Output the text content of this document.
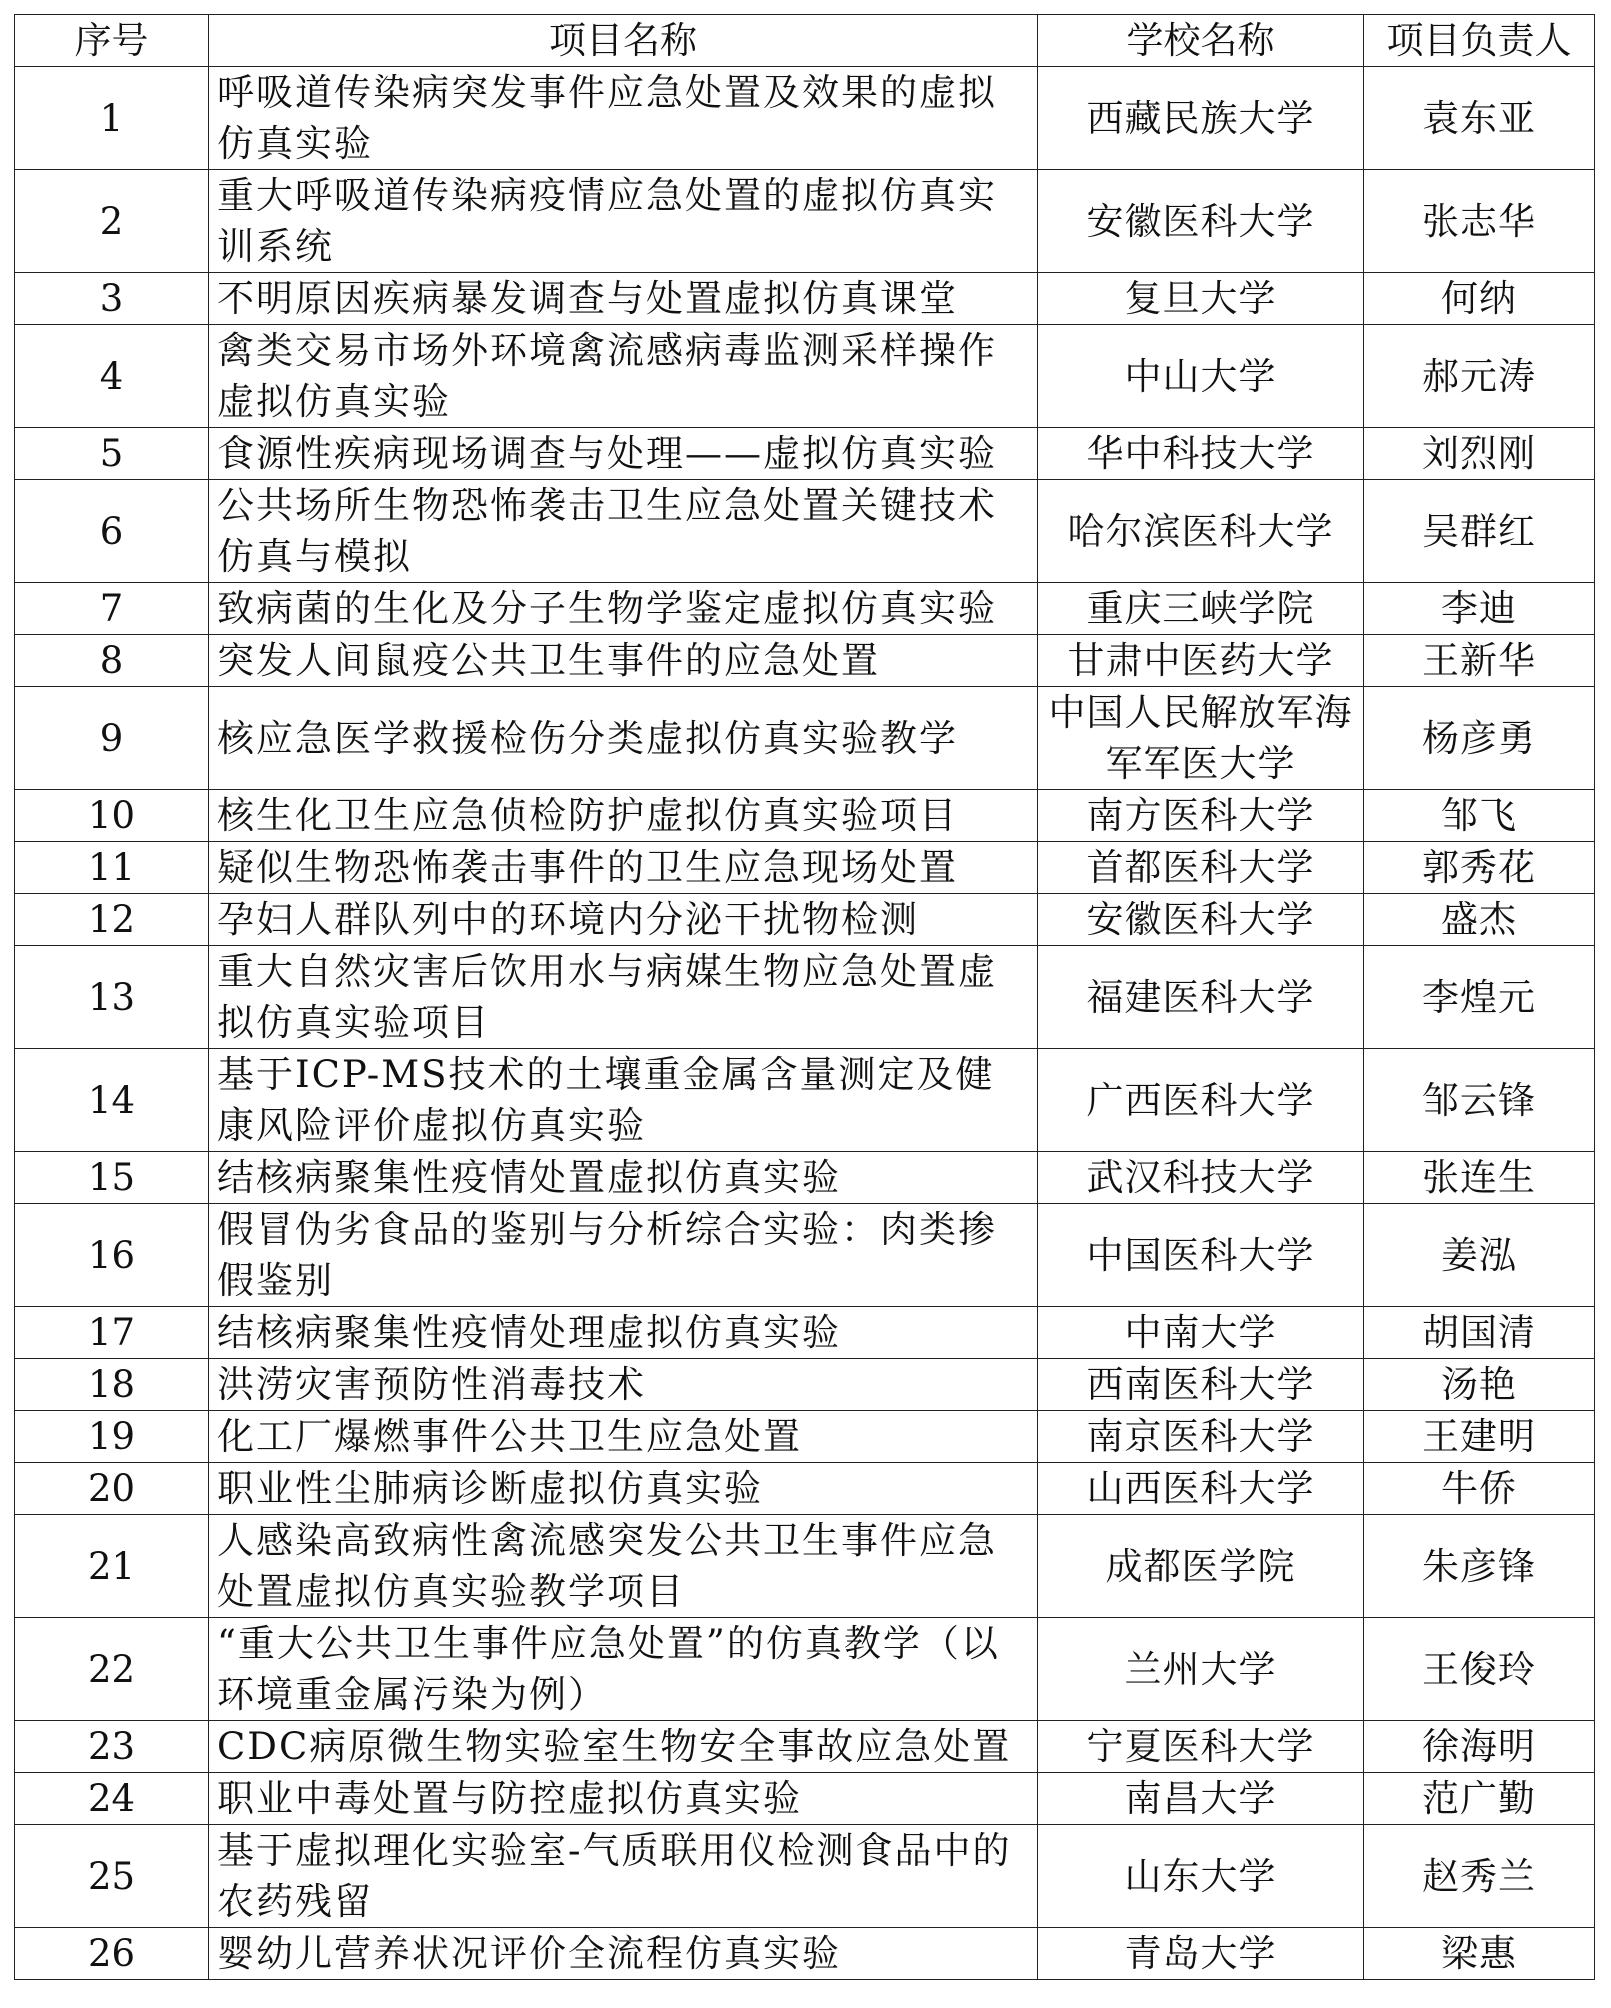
序号	项目名称	学校名称	项目负责人
1	呼吸道传染病突发事件应急处置及效果的虚拟仿真实验	西藏民族大学	袁东亚
2	重大呼吸道传染病疫情应急处置的虚拟仿真实训系统	安徽医科大学	张志华
3	不明原因疾病暴发调查与处置虚拟仿真课堂	复旦大学	何纳
4	禽类交易市场外环境禽流感病毒监测采样操作虚拟仿真实验	中山大学	郝元涛
5	食源性疾病现场调查与处理——虚拟仿真实验	华中科技大学	刘烈刚
6	公共场所生物恐怖袭击卫生应急处置关键技术仿真与模拟	哈尔滨医科大学	吴群红
7	致病菌的生化及分子生物学鉴定虚拟仿真实验	重庆三峡学院	李迪
8	突发人间鼠疫公共卫生事件的应急处置	甘肃中医药大学	王新华
9	核应急医学救援检伤分类虚拟仿真实验教学	中国人民解放军海军军医大学	杨彦勇
10	核生化卫生应急侦检防护虚拟仿真实验项目	南方医科大学	邹飞
11	疑似生物恐怖袭击事件的卫生应急现场处置	首都医科大学	郭秀花
12	孕妇人群队列中的环境内分泌干扰物检测	安徽医科大学	盛杰
13	重大自然灾害后饮用水与病媒生物应急处置虚拟仿真实验项目	福建医科大学	李煌元
14	基于ICP-MS技术的土壤重金属含量测定及健康风险评价虚拟仿真实验	广西医科大学	邹云锋
15	结核病聚集性疫情处置虚拟仿真实验	武汉科技大学	张连生
16	假冒伪劣食品的鉴别与分析综合实验：肉类掺假鉴别	中国医科大学	姜泓
17	结核病聚集性疫情处理虚拟仿真实验	中南大学	胡国清
18	洪涝灾害预防性消毒技术	西南医科大学	汤艳
19	化工厂爆燃事件公共卫生应急处置	南京医科大学	王建明
20	职业性尘肺病诊断虚拟仿真实验	山西医科大学	牛侨
21	人感染高致病性禽流感突发公共卫生事件应急处置虚拟仿真实验教学项目	成都医学院	朱彦锋
22	“重大公共卫生事件应急处置”的仿真教学（以环境重金属污染为例）	兰州大学	王俊玲
23	CDC病原微生物实验室生物安全事故应急处置	宁夏医科大学	徐海明
24	职业中毒处置与防控虚拟仿真实验	南昌大学	范广勤
25	基于虚拟理化实验室-气质联用仪检测食品中的农药残留	山东大学	赵秀兰
26	婴幼儿营养状况评价全流程仿真实验	青岛大学	梁惠
